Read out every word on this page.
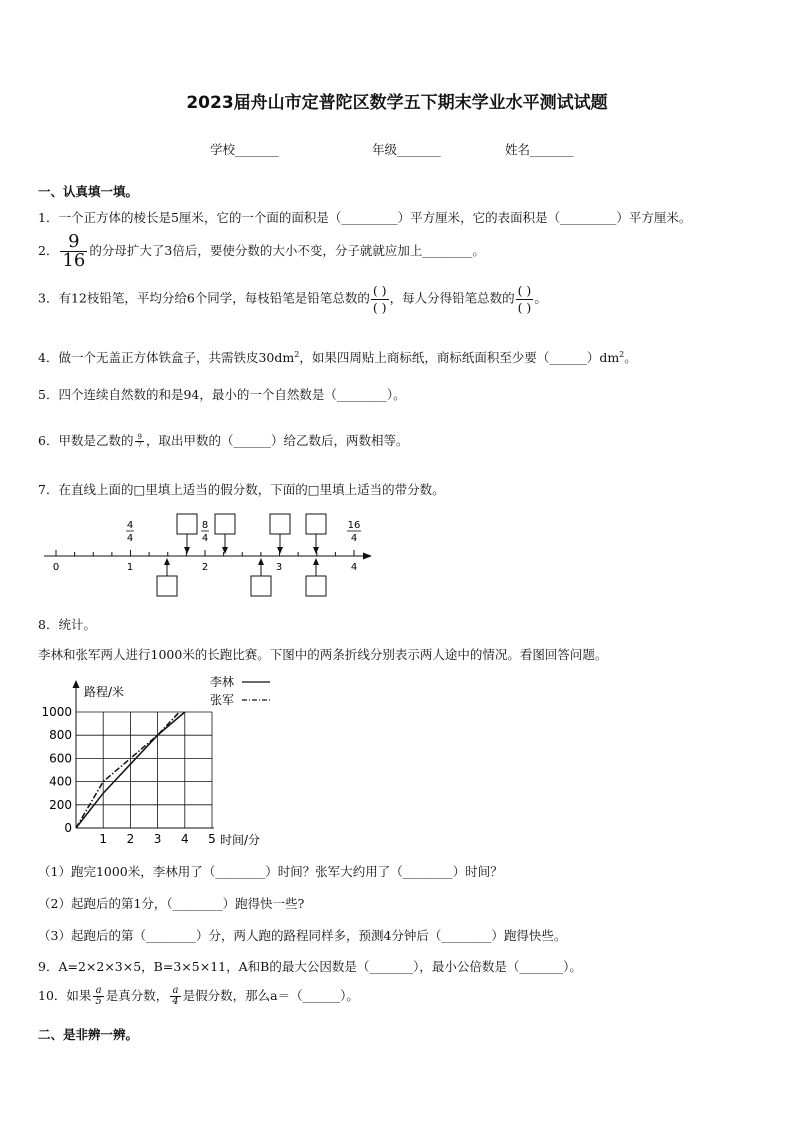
2023届舟山市定普陀区数学五下期末学业水平测试试题
学校_______	年级_______	姓名_______
一、认真填一填。
1．一个正方体的棱长是5厘米，它的一个面的面积是（_________）平方厘米，它的表面积是（_________）平方厘米。
2． $\frac{9}{16}$ 的分母扩大了3倍后，要使分数的大小不变，分子就就应加上________。
3．有12枝铅笔，平均分给6个同学，每枝铅笔是铅笔总数的 $\frac{( )}{( )}$ ，每人分得铅笔总数的 $\frac{( )}{( )}$ 。
4．做一个无盖正方体铁盒子，共需铁皮$30dm^2$，如果四周贴上商标纸，商标纸面积至少要$(\_\_\_\_\_\_)dm^2$。
5．四个连续自然数的和是94，最小的一个自然数是（________）。
6．甲数是乙数的 $\frac{9}{7}$ ，取出甲数的（______）给乙数后，两数相等。
7．在直线上面的□里填上适当的假分数，下面的□里填上适当的带分数。
0	1	2	3	4
4
4
8
4
16
4
8．统计。
李林和张军两人进行1000米的长跑比赛。下图中的两条折线分别表示两人途中的情况。看图回答问题。
0
200
400
600
800
1000
1 2 3 4 5
路程/米
时间/分
李林
张军
（1）跑完1000米，李林用了（________）时间？张军大约用了（________）时间？
（2）起跑后的第1分，（________）跑得快一些?
（3）起跑后的第（________）分，两人跑的路程同样多，预测4分钟后（________）跑得快些。
9．A=2×2×3×5，B=3×5×11，A和B的最大公因数是（_______），最小公倍数是（_______）。
10．如果 $\frac{a}{5}$ 是真分数， $\frac{a}{4}$ 是假分数，那么a＝（______）。
二、是非辨一辨。
